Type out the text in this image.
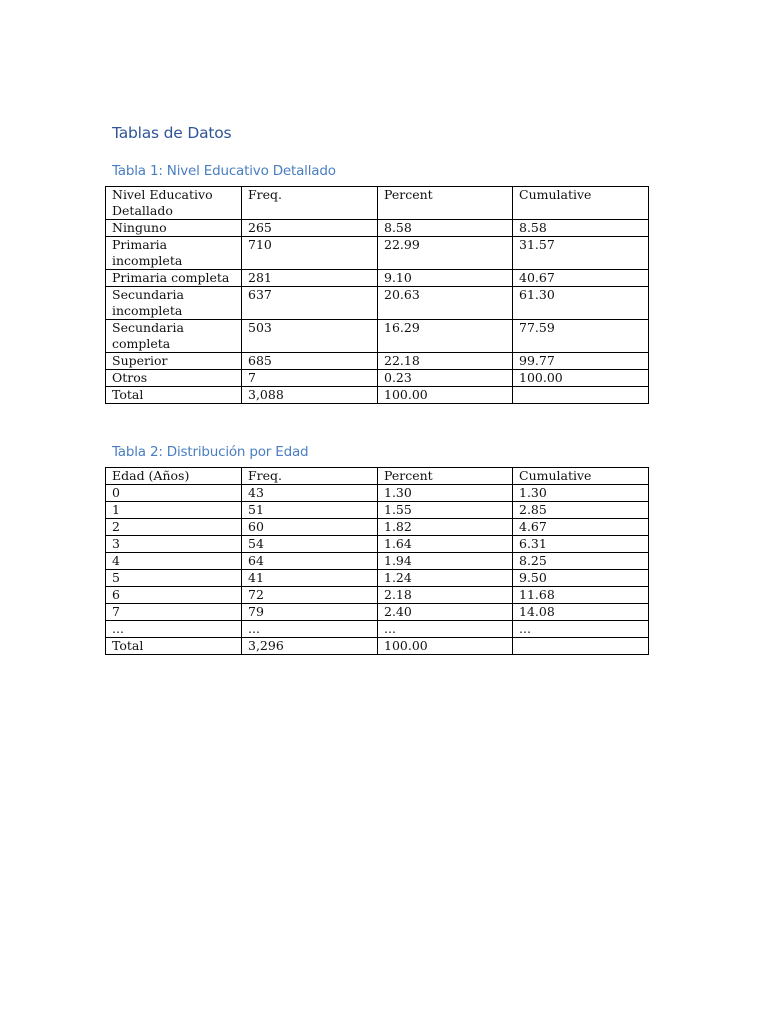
Tablas de Datos
Tabla 1: Nivel Educativo Detallado
Nivel Educativo Detallado	Freq.	Percent	Cumulative
Ninguno	265	8.58	8.58
Primaria incompleta	710	22.99	31.57
Primaria completa	281	9.10	40.67
Secundaria incompleta	637	20.63	61.30
Secundaria completa	503	16.29	77.59
Superior	685	22.18	99.77
Otros	7	0.23	100.00
Total	3,088	100.00	
Tabla 2: Distribución por Edad
Edad (Años)	Freq.	Percent	Cumulative
0	43	1.30	1.30
1	51	1.55	2.85
2	60	1.82	4.67
3	54	1.64	6.31
4	64	1.94	8.25
5	41	1.24	9.50
6	72	2.18	11.68
7	79	2.40	14.08
...	...	...	...
Total	3,296	100.00	
